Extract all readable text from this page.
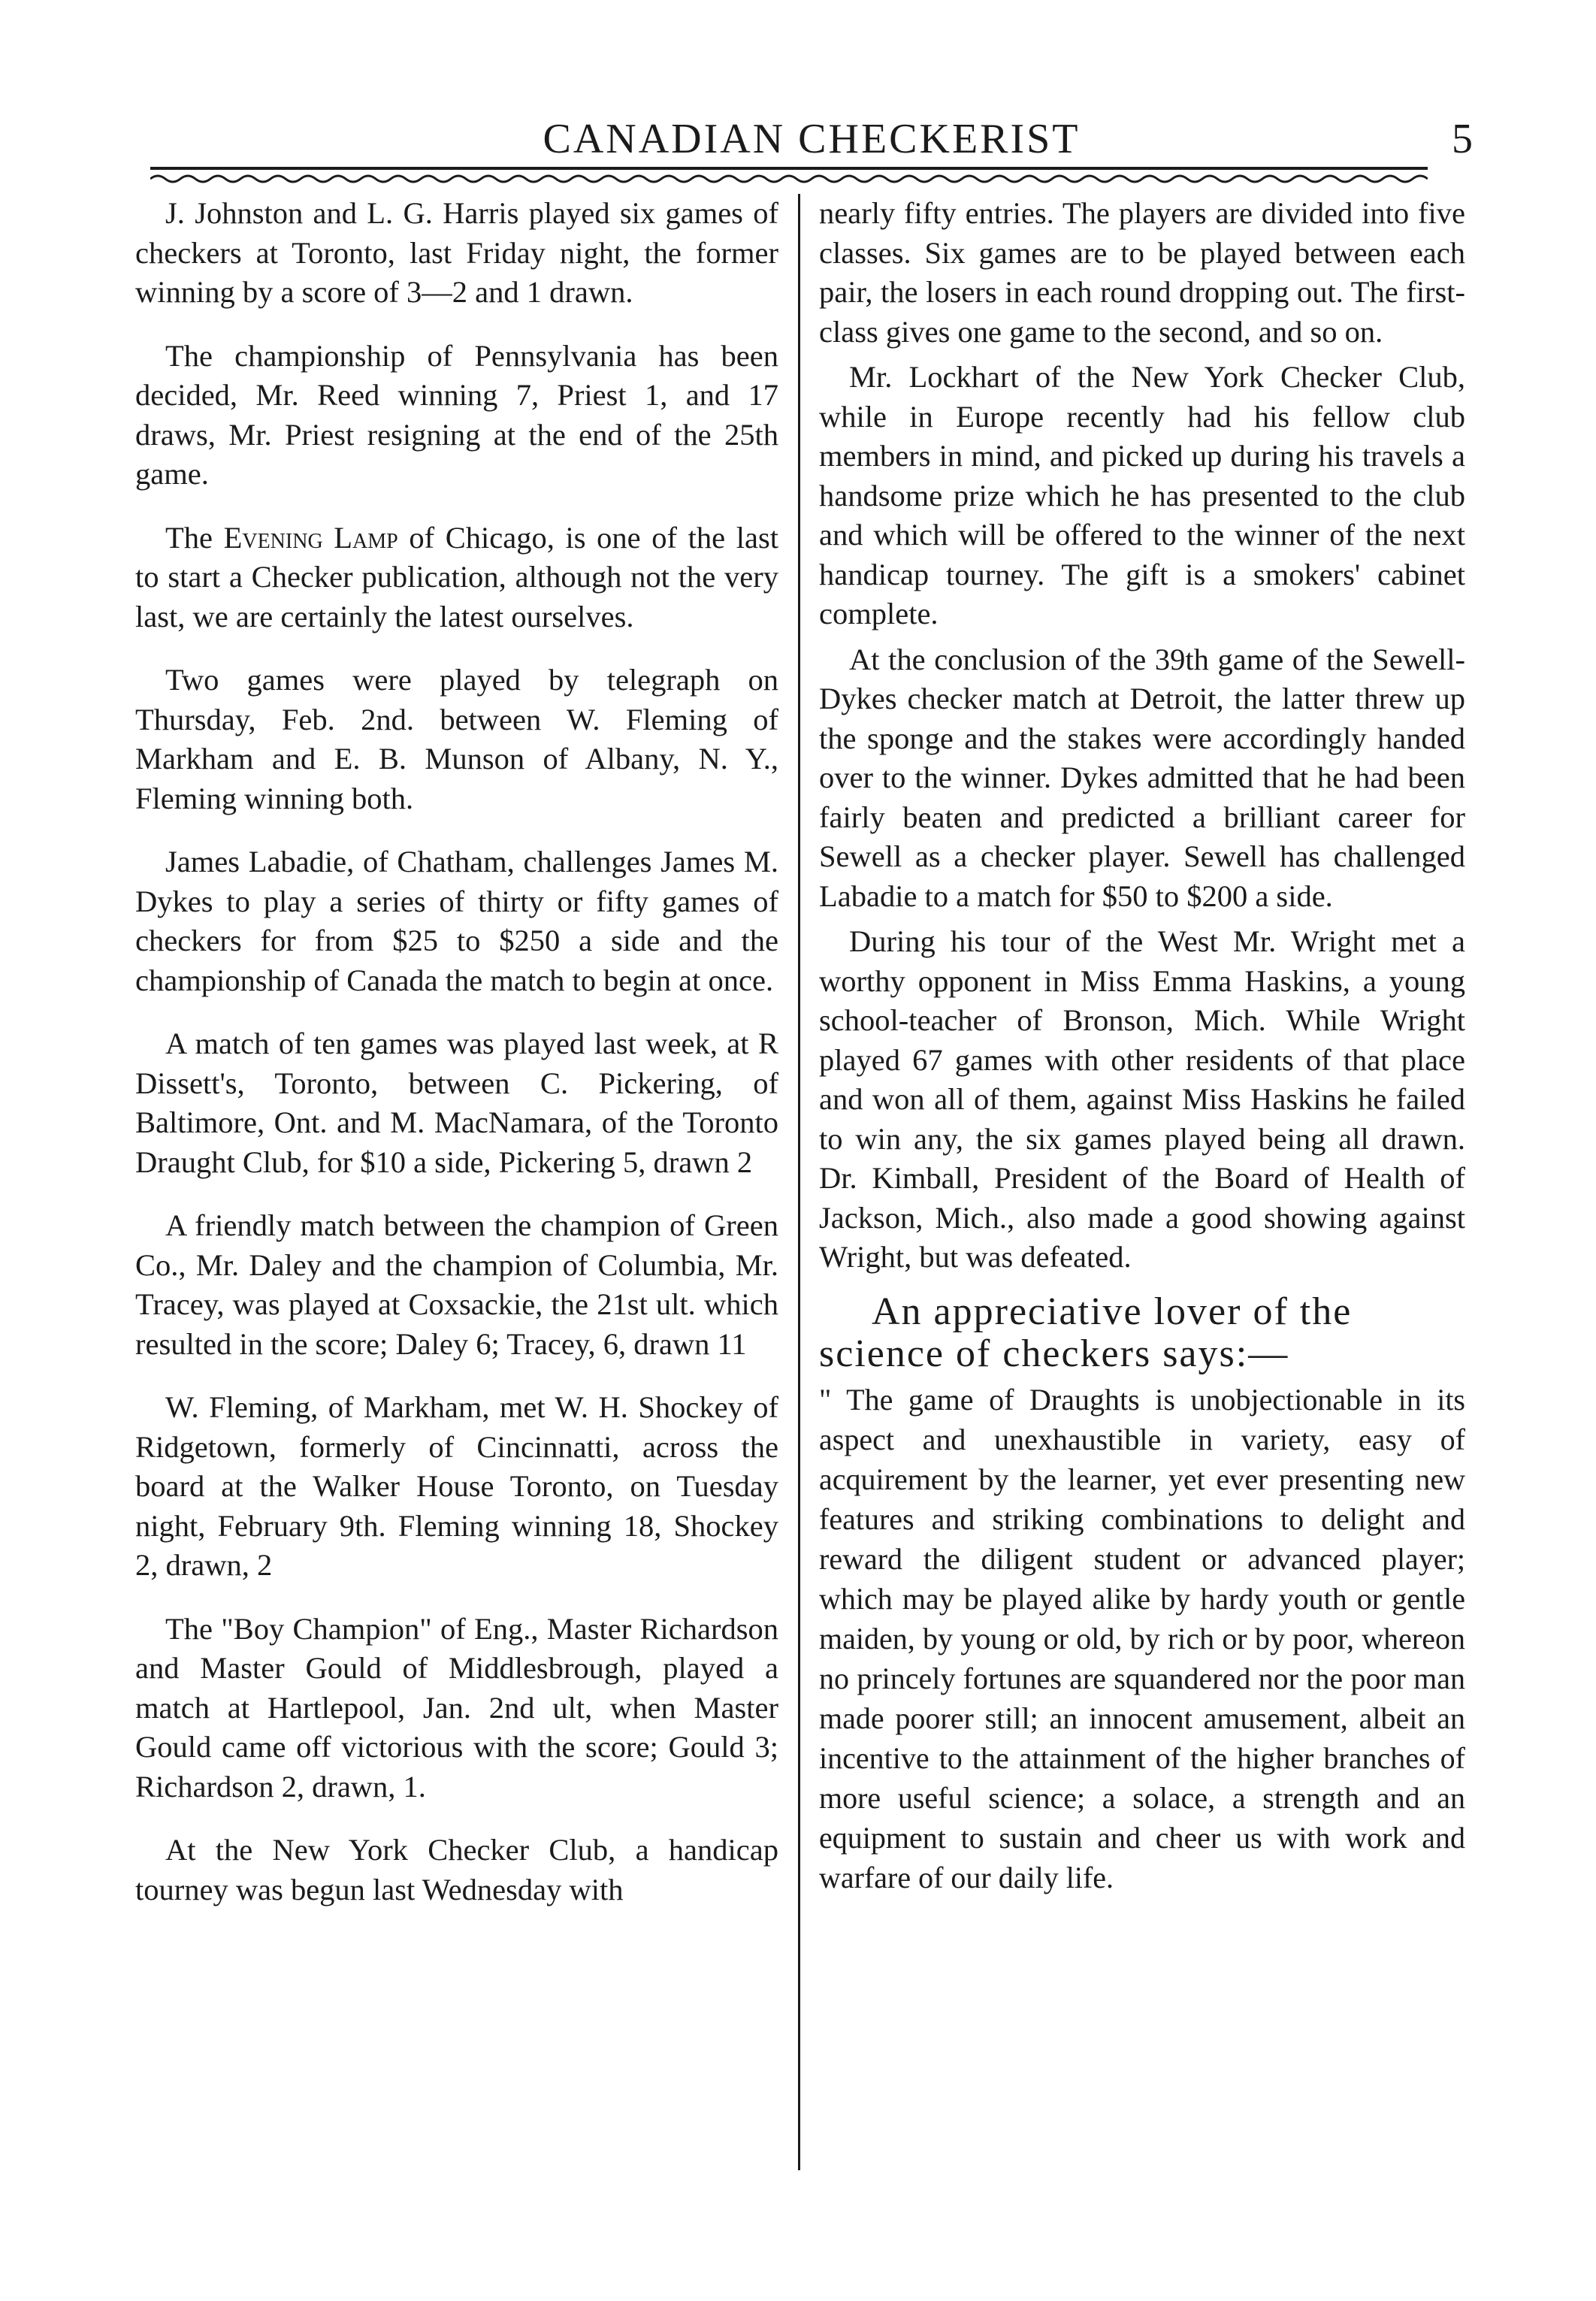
CANADIAN CHECKERIST	5

J. Johnston and L. G. Harris played six games of checkers at Toronto, last Friday night, the former winning by a score of 3—2 and 1 drawn.

The championship of Pennsylvania has been decided, Mr. Reed winning 7, Priest 1, and 17 draws, Mr. Priest resigning at the end of the 25th game.

The Evening Lamp of Chicago, is one of the last to start a Checker publication, although not the very last, we are certainly the latest ourselves.

Two games were played by telegraph on Thursday, Feb. 2nd. between W. Fleming of Markham and E. B. Munson of Albany, N. Y., Fleming winning both.

James Labadie, of Chatham, challenges James M. Dykes to play a series of thirty or fifty games of checkers for from $25 to $250 a side and the championship of Canada the match to begin at once.

A match of ten games was played last week, at R Dissett's, Toronto, between C. Pickering, of Baltimore, Ont. and M. MacNamara, of the Toronto Draught Club, for $10 a side, Pickering 5, drawn 2

A friendly match between the champion of Green Co., Mr. Daley and the champion of Columbia, Mr. Tracey, was played at Coxsackie, the 21st ult. which resulted in the score; Daley 6; Tracey, 6, drawn 11

W. Fleming, of Markham, met W. H. Shockey of Ridgetown, formerly of Cincinnatti, across the board at the Walker House Toronto, on Tuesday night, February 9th. Fleming winning 18, Shockey 2, drawn, 2

The "Boy Champion" of Eng., Master Richardson and Master Gould of Middlesbrough, played a match at Hartlepool, Jan. 2nd ult, when Master Gould came off victorious with the score; Gould 3; Richardson 2, drawn, 1.

At the New York Checker Club, a handicap tourney was begun last Wednesday with

nearly fifty entries. The players are divided into five classes. Six games are to be played between each pair, the losers in each round dropping out. The first-class gives one game to the second, and so on.

Mr. Lockhart of the New York Checker Club, while in Europe recently had his fellow club members in mind, and picked up during his travels a handsome prize which he has presented to the club and which will be offered to the winner of the next handicap tourney. The gift is a smokers' cabinet complete.

At the conclusion of the 39th game of the Sewell-Dykes checker match at Detroit, the latter threw up the sponge and the stakes were accordingly handed over to the winner. Dykes admitted that he had been fairly beaten and predicted a brilliant career for Sewell as a checker player. Sewell has challenged Labadie to a match for $50 to $200 a side.

During his tour of the West Mr. Wright met a worthy opponent in Miss Emma Haskins, a young school-teacher of Bronson, Mich. While Wright played 67 games with other residents of that place and won all of them, against Miss Haskins he failed to win any, the six games played being all drawn. Dr. Kimball, President of the Board of Health of Jackson, Mich., also made a good showing against Wright, but was defeated.

An appreciative lover of the science of checkers says:—
" The game of Draughts is unobjectionable in its aspect and unexhaustible in variety, easy of acquirement by the learner, yet ever presenting new features and striking combinations to delight and reward the diligent student or advanced player; which may be played alike by hardy youth or gentle maiden, by young or old, by rich or by poor, whereon no princely fortunes are squandered nor the poor man made poorer still; an innocent amusement, albeit an incentive to the attainment of the higher branches of more useful science; a solace, a strength and an equipment to sustain and cheer us with work and warfare of our daily life.
